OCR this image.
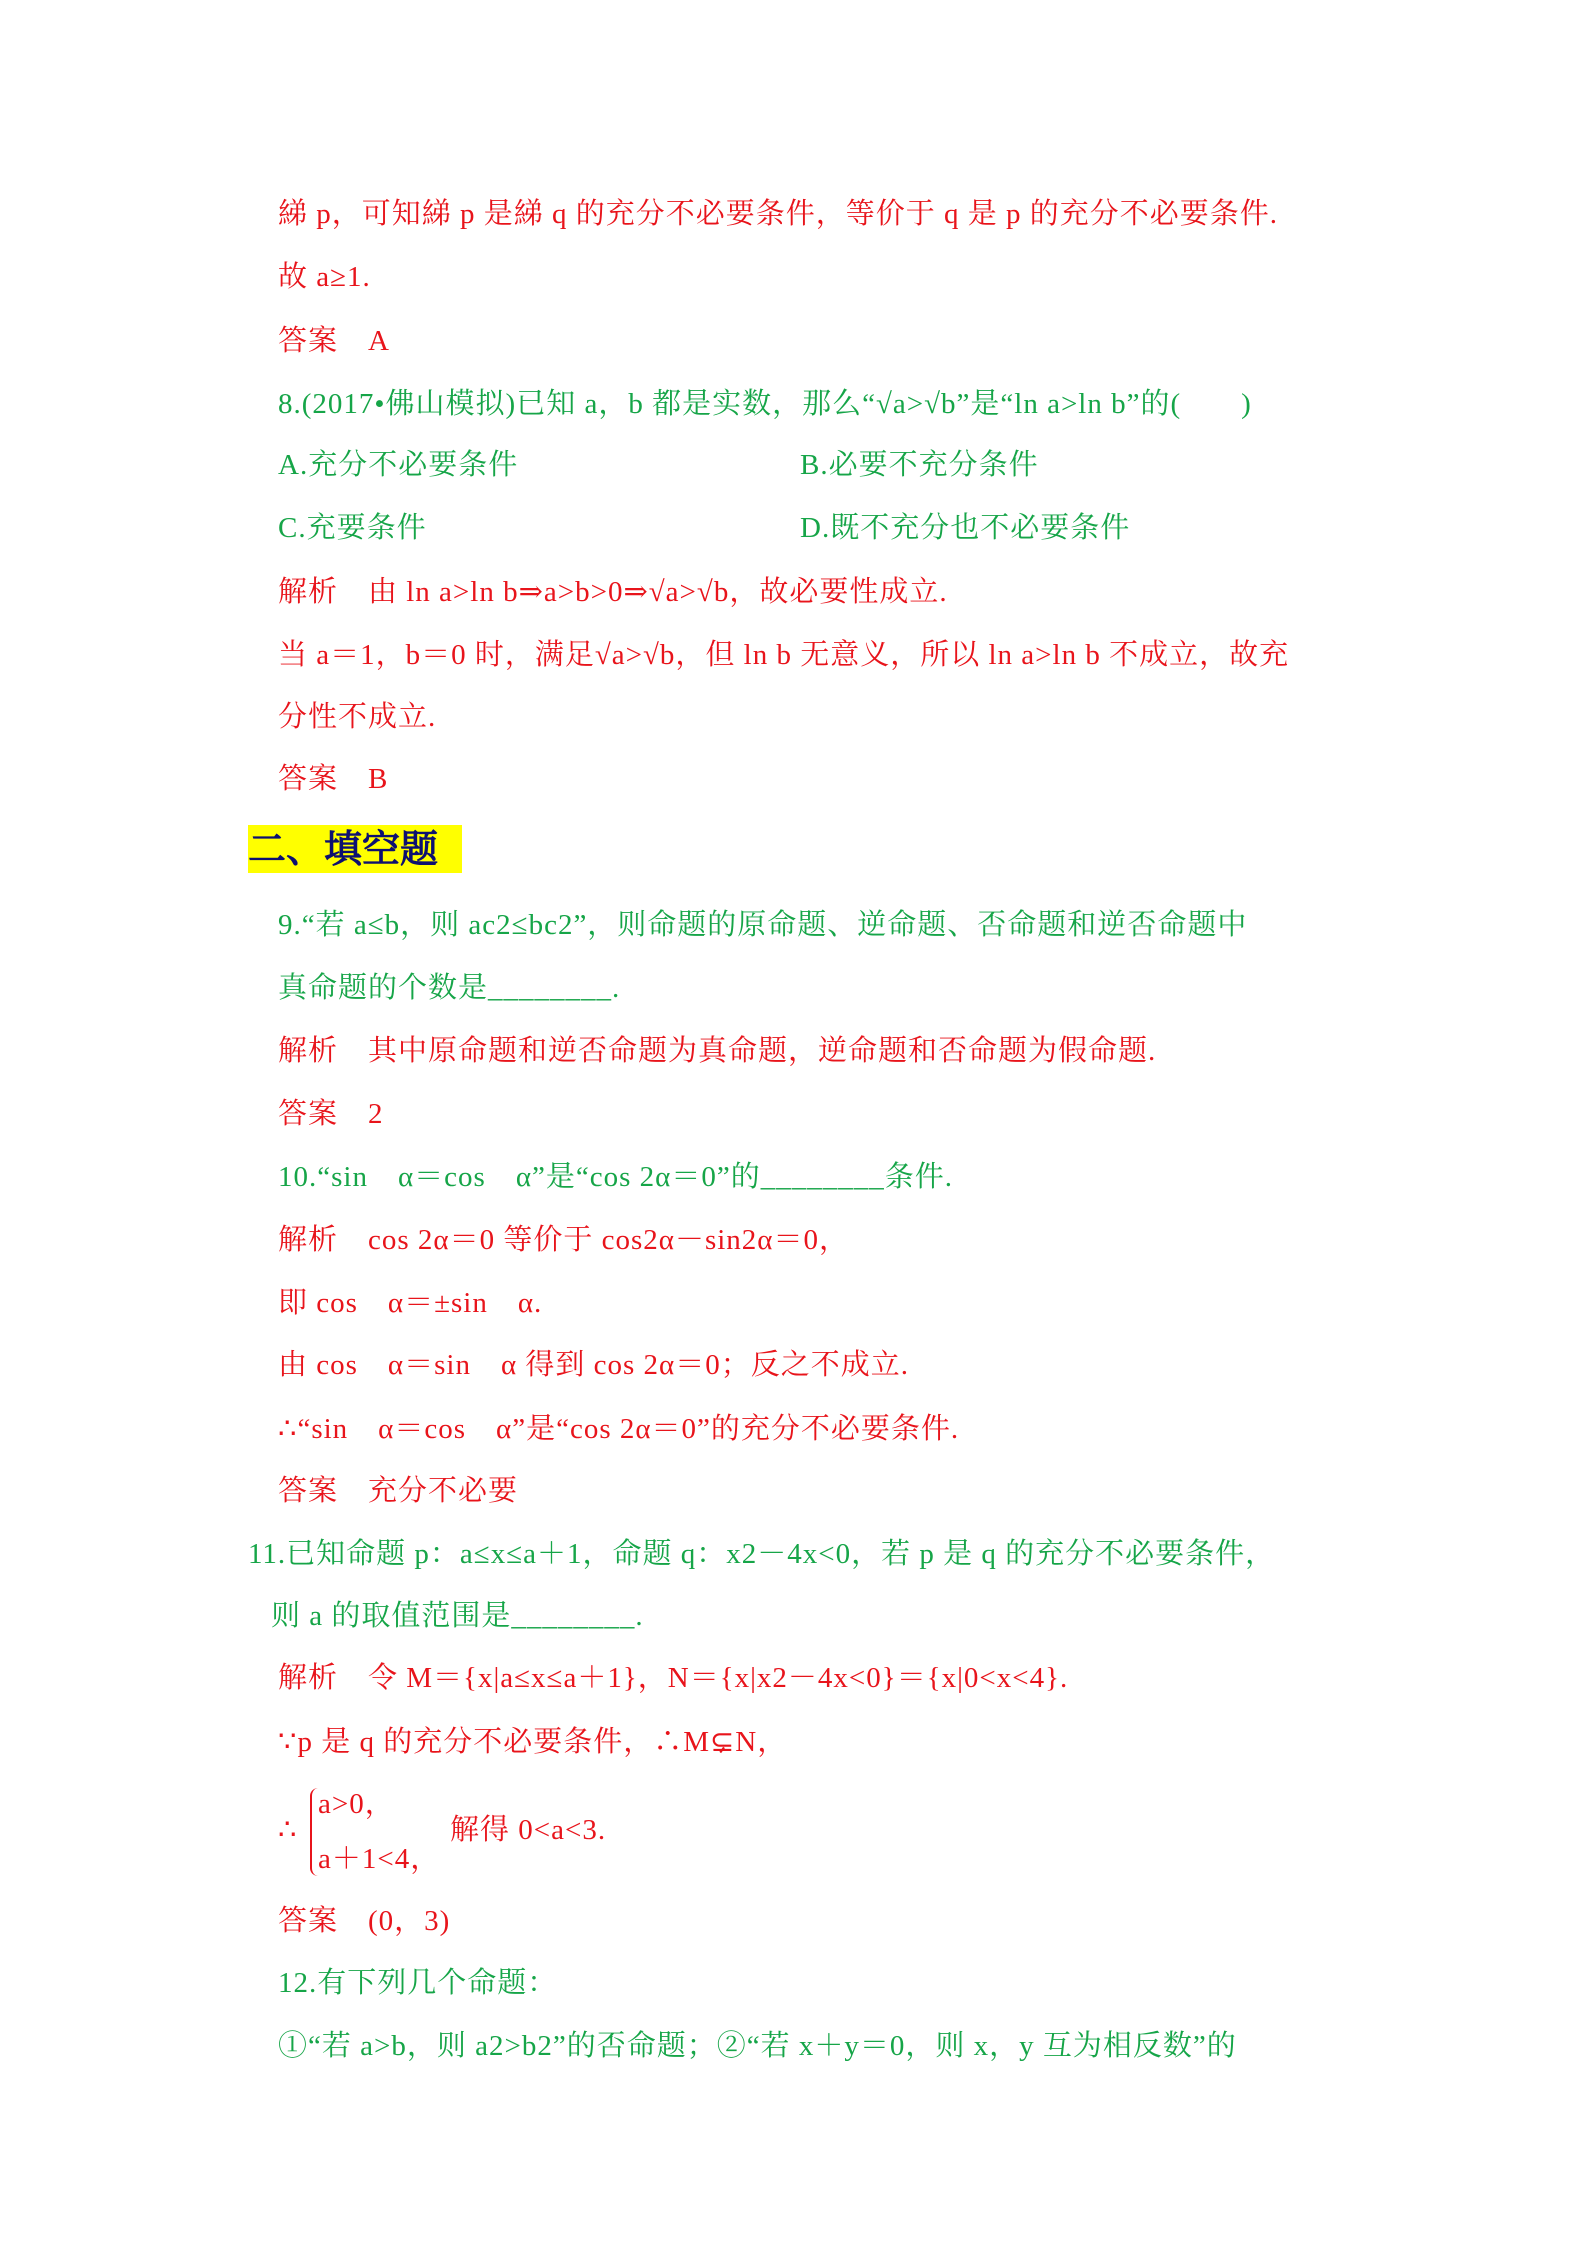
綈 p，可知綈 p 是綈 q 的充分不必要条件，等价于 q 是 p 的充分不必要条件.
故 a≥1.
答案　A
8.(2017•佛山模拟)已知 a，b 都是实数，那么“√a>√b”是“ln a>ln b”的(　　)
A.充分不必要条件	B.必要不充分条件
C.充要条件	D.既不充分也不必要条件
解析　由 ln a>ln b⇒a>b>0⇒√a>√b，故必要性成立.
当 a＝1，b＝0 时，满足√a>√b，但 ln b 无意义，所以 ln a>ln b 不成立，故充
分性不成立.
答案　B
二、填空题
9.“若 a≤b，则 ac2≤bc2”，则命题的原命题、逆命题、否命题和逆否命题中
真命题的个数是________.
解析　其中原命题和逆否命题为真命题，逆命题和否命题为假命题.
答案　2
10.“sin　α＝cos　α”是“cos 2α＝0”的________条件.
解析　cos 2α＝0 等价于 cos2α－sin2α＝0，
即 cos　α＝±sin　α.
由 cos　α＝sin　α 得到 cos 2α＝0；反之不成立.
∴“sin　α＝cos　α”是“cos 2α＝0”的充分不必要条件.
答案　充分不必要
11.已知命题 p：a≤x≤a＋1，命题 q：x2－4x<0，若 p 是 q 的充分不必要条件，
则 a 的取值范围是________.
解析　令 M＝{x|a≤x≤a＋1}，N＝{x|x2－4x<0}＝{x|0<x<4}.
∵p 是 q 的充分不必要条件，∴M⊊N，
∴
a>0，
a＋1<4，
解得 0<a<3.
答案　(0，3)
12.有下列几个命题：
①“若 a>b，则 a2>b2”的否命题；②“若 x＋y＝0，则 x，y 互为相反数”的
